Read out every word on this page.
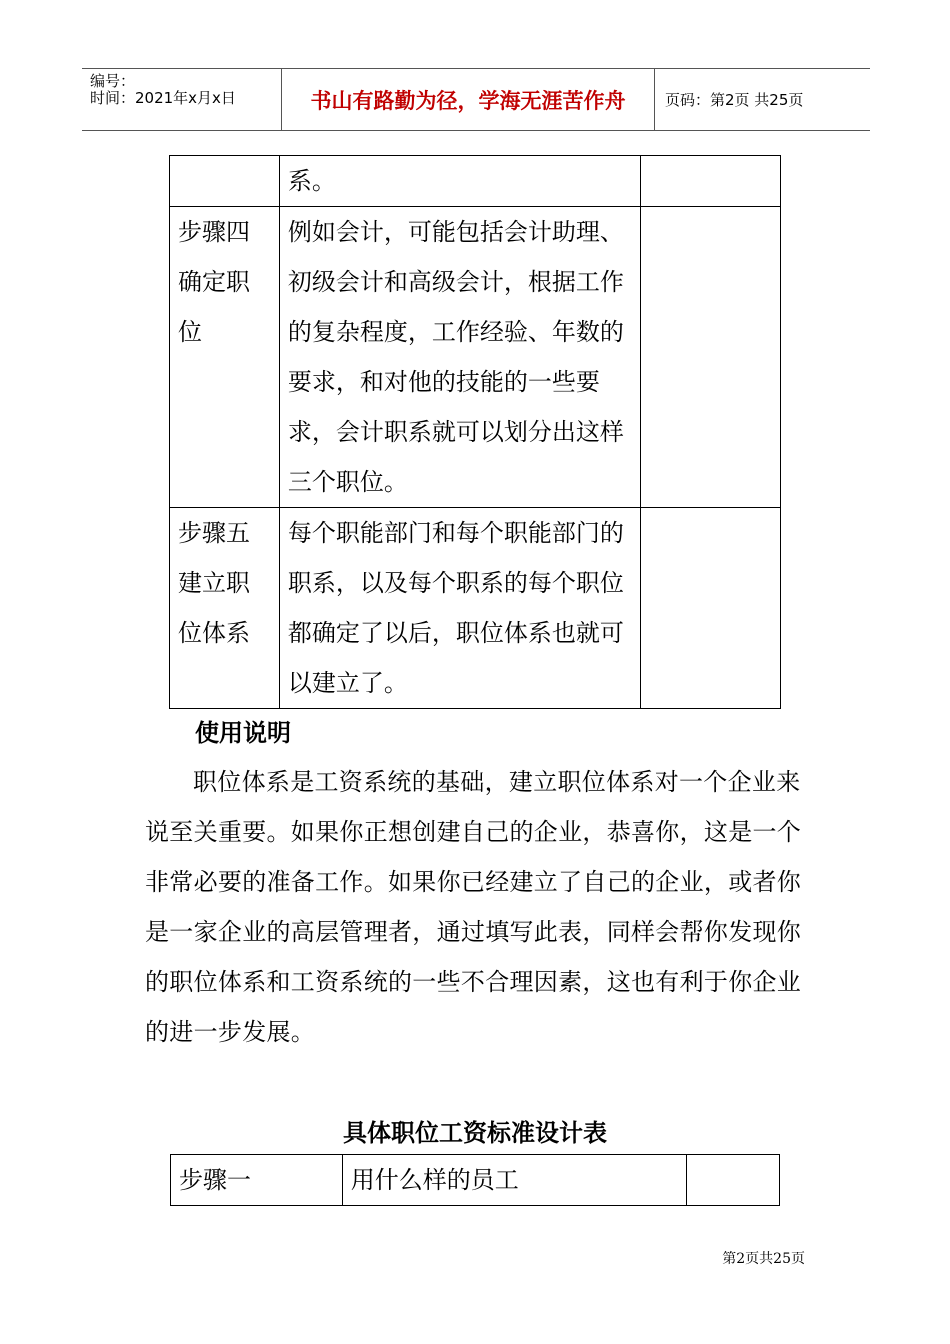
编号：
时间：2021年x月x日	书山有路勤为径，学海无涯苦作舟	页码：第2页 共25页
	系。	
步骤四确定职位	例如会计，可能包括会计助理、初级会计和高级会计，根据工作的复杂程度，工作经验、年数的要求，和对他的技能的一些要求，会计职系就可以划分出这样三个职位。	
步骤五建立职位体系	每个职能部门和每个职能部门的职系，以及每个职系的每个职位都确定了以后，职位体系也就可以建立了。	
使用说明
职位体系是工资系统的基础，建立职位体系对一个企业来说至关重要。如果你正想创建自己的企业，恭喜你，这是一个非常必要的准备工作。如果你已经建立了自己的企业，或者你是一家企业的高层管理者，通过填写此表，同样会帮你发现你的职位体系和工资系统的一些不合理因素，这也有利于你企业的进一步发展。
具体职位工资标准设计表
步骤一	用什么样的员工	
第2页共25页
